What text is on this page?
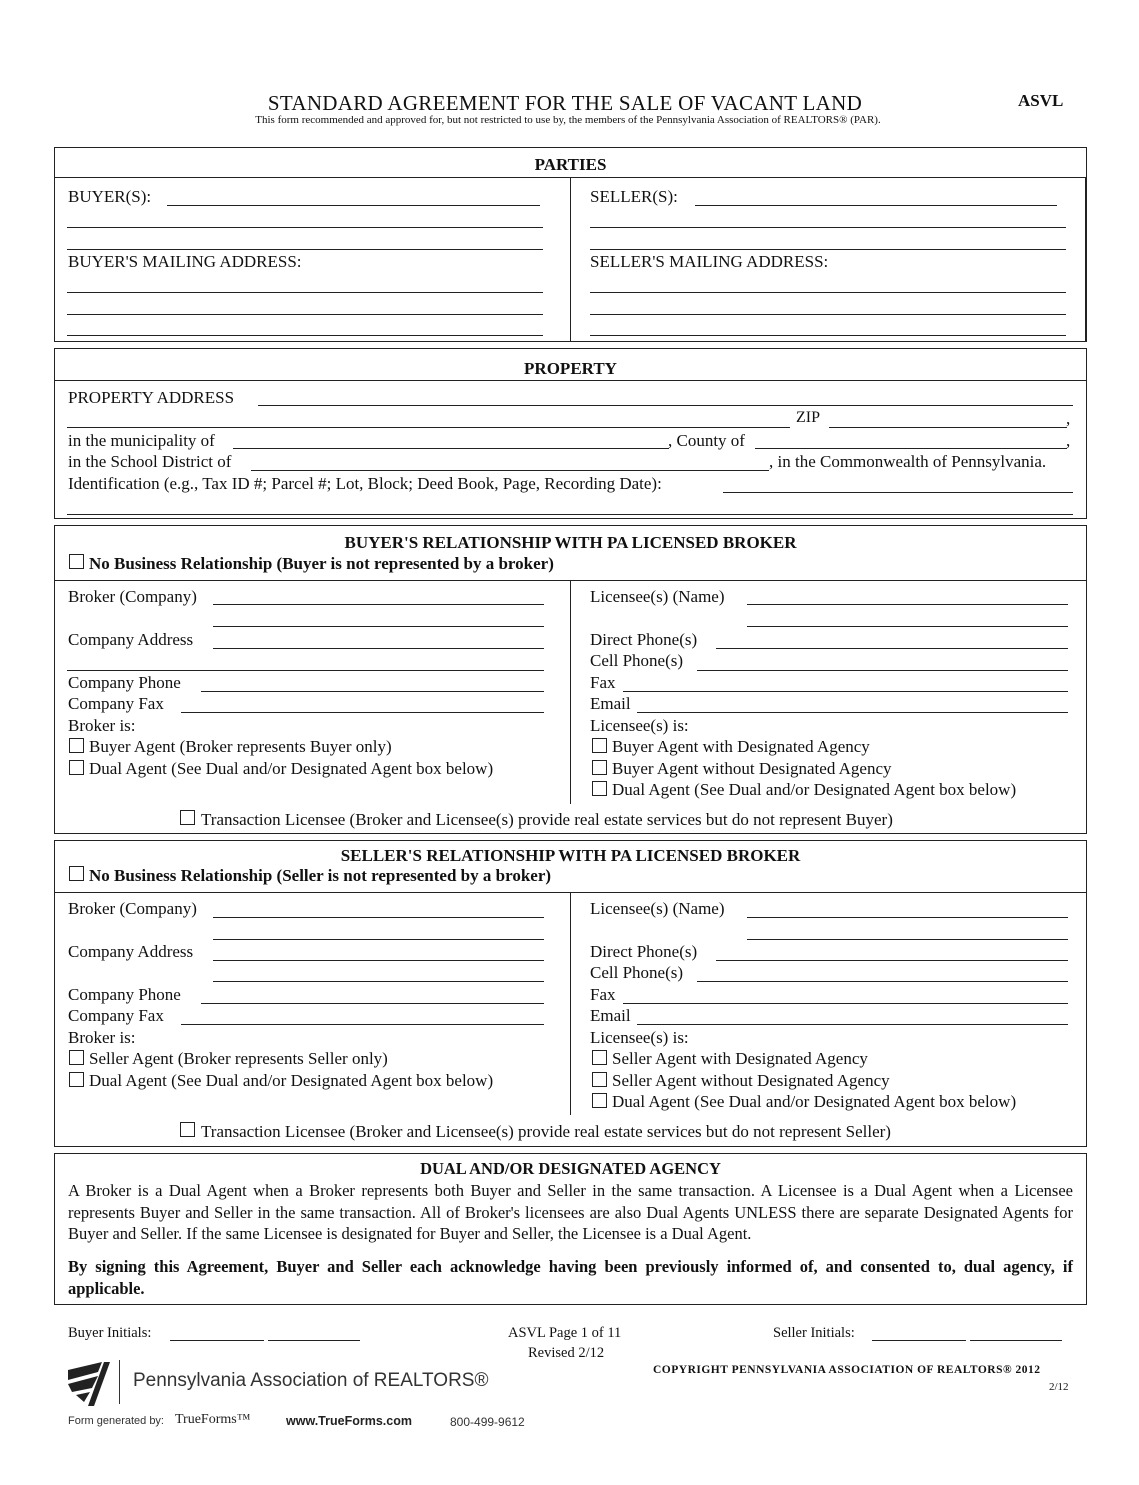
STANDARD AGREEMENT FOR THE SALE OF VACANT LAND	ASVL
This form recommended and approved for, but not restricted to use by, the members of the Pennsylvania Association of REALTORS® (PAR).
PARTIES
BUYER(S):
BUYER'S MAILING ADDRESS:
SELLER(S):
SELLER'S MAILING ADDRESS:
PROPERTY
PROPERTY ADDRESS
ZIP	,
in the municipality of	, County of	,
in the School District of	, in the Commonwealth of Pennsylvania.
Identification (e.g., Tax ID #; Parcel #; Lot, Block; Deed Book, Page, Recording Date):
BUYER'S RELATIONSHIP WITH PA LICENSED BROKER
No Business Relationship (Buyer is not represented by a broker)
Broker (Company)
Company Address
Company Phone
Company Fax
Broker is:
Buyer Agent (Broker represents Buyer only)
Dual Agent (See Dual and/or Designated Agent box below)
Licensee(s) (Name)
Direct Phone(s)
Cell Phone(s)
Fax
Email
Licensee(s) is:
Buyer Agent with Designated Agency
Buyer Agent without Designated Agency
Dual Agent (See Dual and/or Designated Agent box below)
Transaction Licensee (Broker and Licensee(s) provide real estate services but do not represent Buyer)
SELLER'S RELATIONSHIP WITH PA LICENSED BROKER
No Business Relationship (Seller is not represented by a broker)
Broker (Company)
Company Address
Company Phone
Company Fax
Broker is:
Seller Agent (Broker represents Seller only)
Dual Agent (See Dual and/or Designated Agent box below)
Licensee(s) (Name)
Direct Phone(s)
Cell Phone(s)
Fax
Email
Licensee(s) is:
Seller Agent with Designated Agency
Seller Agent without Designated Agency
Dual Agent (See Dual and/or Designated Agent box below)
Transaction Licensee (Broker and Licensee(s) provide real estate services but do not represent Seller)
DUAL AND/OR DESIGNATED AGENCY
A Broker is a Dual Agent when a Broker represents both Buyer and Seller in the same transaction. A Licensee is a Dual Agent when a Licensee represents Buyer and Seller in the same transaction. All of Broker's licensees are also Dual Agents UNLESS there are separate Designated Agents for Buyer and Seller. If the same Licensee is designated for Buyer and Seller, the Licensee is a Dual Agent.
By signing this Agreement, Buyer and Seller each acknowledge having been previously informed of, and consented to, dual agency, if applicable.
Buyer Initials:	ASVL Page 1 of 11
Revised 2/12
Seller Initials:
COPYRIGHT PENNSYLVANIA ASSOCIATION OF REALTORS® 2012
2/12
Pennsylvania Association of REALTORS®
Form generated by: TrueForms™	www.TrueForms.com	800-499-9612
